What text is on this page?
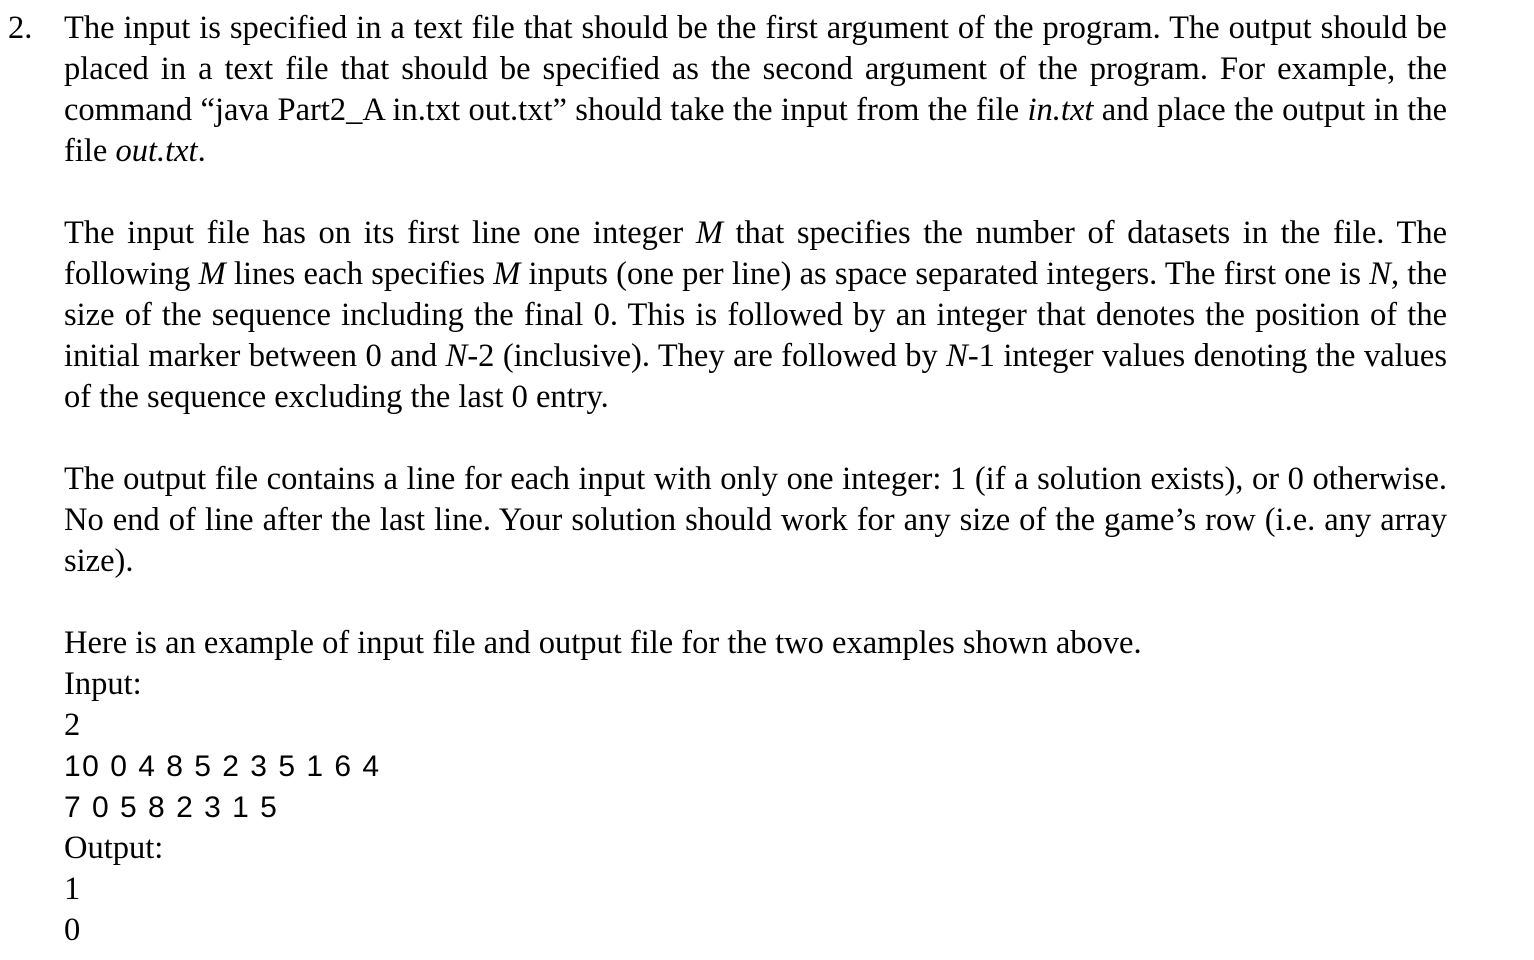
2. The input is specified in a text file that should be the first argument of the program. The output should be placed in a text file that should be specified as the second argument of the program. For example, the command “java Part2_A in.txt out.txt” should take the input from the file in.txt and place the output in the file out.txt.

The input file has on its first line one integer M that specifies the number of datasets in the file. The following M lines each specifies M inputs (one per line) as space separated integers. The first one is N, the size of the sequence including the final 0. This is followed by an integer that denotes the position of the initial marker between 0 and N-2 (inclusive). They are followed by N-1 integer values denoting the values of the sequence excluding the last 0 entry.

The output file contains a line for each input with only one integer: 1 (if a solution exists), or 0 otherwise. No end of line after the last line. Your solution should work for any size of the game’s row (i.e. any array size).

Here is an example of input file and output file for the two examples shown above.
Input:
2
10 0 4 8 5 2 3 5 1 6 4
7 0 5 8 2 3 1 5
Output:
1
0
